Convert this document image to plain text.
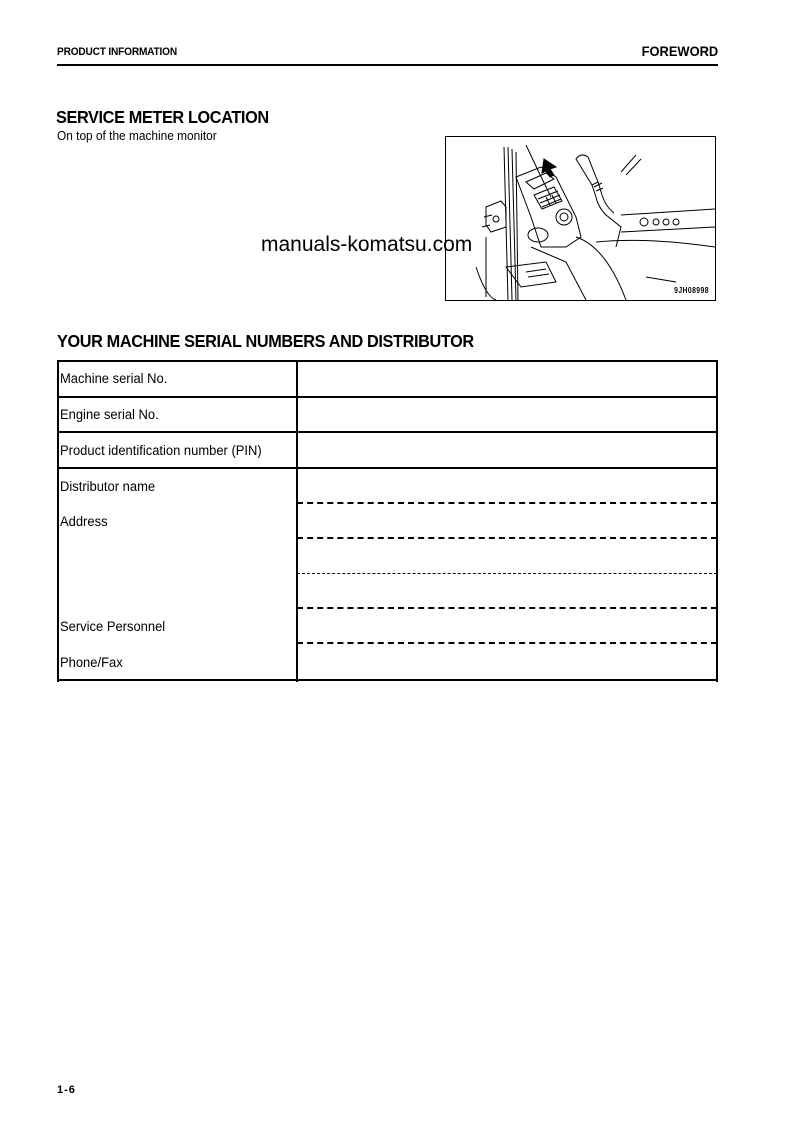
PRODUCT INFORMATION	FOREWORD
SERVICE METER LOCATION
On top of the machine monitor
9JH08998
manuals-komatsu.com
YOUR MACHINE SERIAL NUMBERS AND DISTRIBUTOR
Machine serial No.
Engine serial No.
Product identification number (PIN)
Distributor name
Address
Service Personnel
Phone/Fax
1-6
